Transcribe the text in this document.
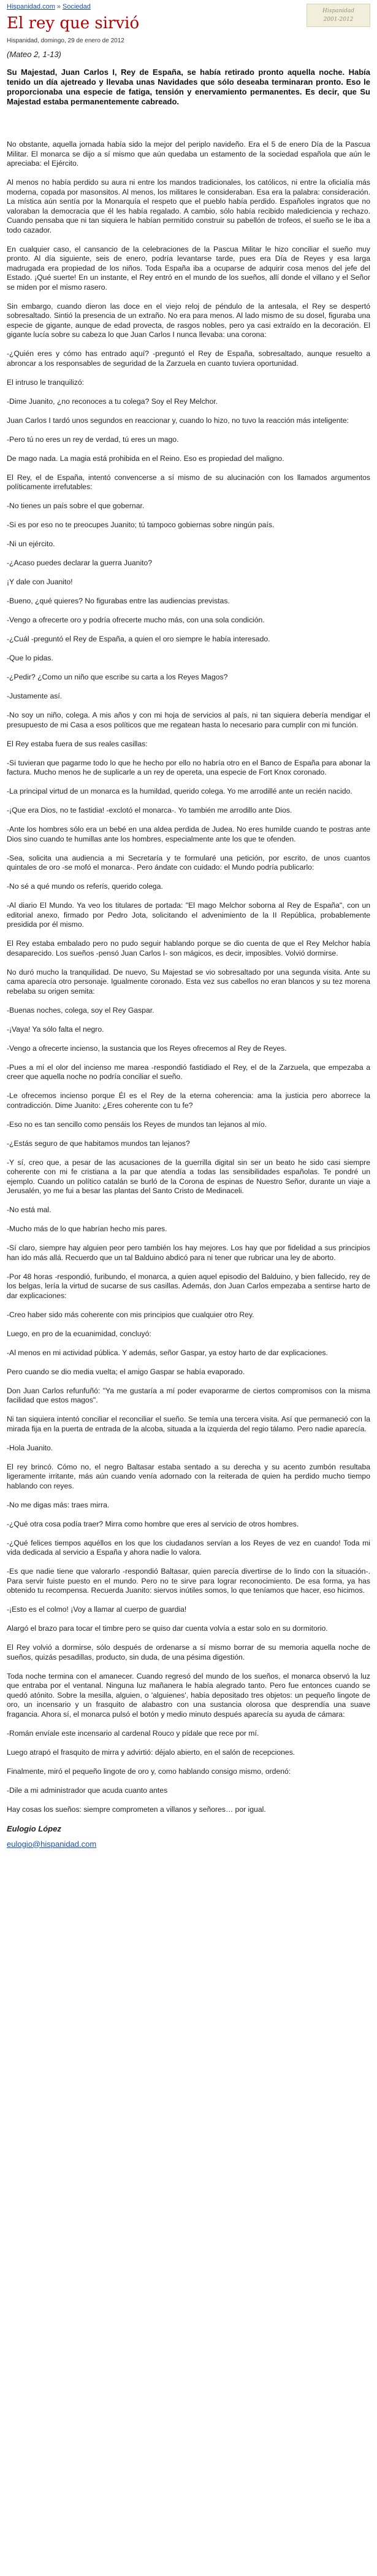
Hispanidad.com » Sociedad
Hispanidad
2001-2012
El rey que sirvió
Hispanidad, domingo, 29 de enero de 2012
(Mateo 2, 1-13)

Su Majestad, Juan Carlos I, Rey de España, se había retirado pronto aquella noche. Había tenido un día ajetreado y llevaba unas Navidades que sólo deseaba terminaran pronto. Eso le proporcionaba una especie de fatiga, tensión y enervamiento permanentes. Es decir, que Su Majestad estaba permanentemente cabreado.

No obstante, aquella jornada había sido la mejor del periplo navideño. Era el 5 de enero Día de la Pascua Militar. El monarca se dijo a sí mismo que aún quedaba un estamento de la sociedad española que aún le apreciaba: el Ejército.

Al menos no había perdido su aura ni entre los mandos tradicionales, los católicos, ni entre la oficialía más moderna, copada por masonsitos. Al menos, los militares le consideraban. Esa era la palabra: consideración. La mística aún sentía por la Monarquía el respeto que el pueblo había perdido. Españoles ingratos que no valoraban la democracia que él les había regalado. A cambio, sólo había recibido malediciencia y rechazo. Cuando pensaba que ni tan siquiera le habían permitido construir su pabellón de trofeos, el sueño se le iba a todo cazador.

En cualquier caso, el cansancio de la celebraciones de la Pascua Militar le hizo conciliar el sueño muy pronto. Al día siguiente, seis de enero, podría levantarse tarde, pues era Día de Reyes y esa larga madrugada era propiedad de los niños. Toda España iba a ocuparse de adquirir cosa menos del jefe del Estado. ¡Qué suerte! En un instante, el Rey entró en el mundo de los sueños, allí donde el villano y el Señor se miden por el mismo rasero.

Sin embargo, cuando dieron las doce en el viejo reloj de péndulo de la antesala, el Rey se despertó sobresaltado. Sintió la presencia de un extraño. No era para menos. Al lado mismo de su dosel, figuraba una especie de gigante, aunque de edad provecta, de rasgos nobles, pero ya casi extraído en la decoración. El gigante lucía sobre su cabeza lo que Juan Carlos I nunca llevaba: una corona:

-¿Quién eres y cómo has entrado aquí? -preguntó el Rey de España, sobresaltado, aunque resuelto a abroncar a los responsables de seguridad de la Zarzuela en cuanto tuviera oportunidad.

El intruso le tranquilizó:

-Dime Juanito, ¿no reconoces a tu colega? Soy el Rey Melchor.

Juan Carlos I tardó unos segundos en reaccionar y, cuando lo hizo, no tuvo la reacción más inteligente:

-Pero tú no eres un rey de verdad, tú eres un mago.

De mago nada. La magia está prohibida en el Reino. Eso es propiedad del maligno.

El Rey, el de España, intentó convencerse a sí mismo de su alucinación con los llamados argumentos políticamente irrefutables:

-No tienes un país sobre el que gobernar.

-Si es por eso no te preocupes Juanito; tú tampoco gobiernas sobre ningún país.

-Ni un ejército.

-¿Acaso puedes declarar la guerra Juanito?

¡Y dale con Juanito!

-Bueno, ¿qué quieres? No figurabas entre las audiencias previstas.

-Vengo a ofrecerte oro y podría ofrecerte mucho más, con una sola condición.

-¿Cuál -preguntó el Rey de España, a quien el oro siempre le había interesado.

-Que lo pidas.

-¿Pedir? ¿Como un niño que escribe su carta a los Reyes Magos?

-Justamente así.

-No soy un niño, colega. A mis años y con mi hoja de servicios al país, ni tan siquiera debería mendigar el presupuesto de mi Casa a esos políticos que me regatean hasta lo necesario para cumplir con mi función.

El Rey estaba fuera de sus reales casillas:

-Si tuvieran que pagarme todo lo que he hecho por ello no habría otro en el Banco de España para abonar la factura. Mucho menos he de suplicarle a un rey de opereta, una especie de Fort Knox coronado.

-La principal virtud de un monarca es la humildad, querido colega. Yo me arrodillé ante un recién nacido.

-¡Que era Dios, no te fastidia! -exclotó el monarca-. Yo también me arrodillo ante Dios.

-Ante los hombres sólo era un bebé en una aldea perdida de Judea. No eres humilde cuando te postras ante Dios sino cuando te humillas ante los hombres, especialmente ante los que te ofenden.

-Sea, solicita una audiencia a mi Secretaría y te formularé una petición, por escrito, de unos cuantos quintales de oro -se mofó el monarca-. Pero ándate con cuidado: el Mundo podría publicarlo:

-No sé a qué mundo os referís, querido colega.

-Al diario El Mundo. Ya veo los titulares de portada: "El mago Melchor soborna al Rey de España", con un editorial anexo, firmado por Pedro Jota, solicitando el advenimiento de la II República, probablemente presidida por él mismo.

El Rey estaba embalado pero no pudo seguir hablando porque se dio cuenta de que el Rey Melchor había desaparecido. Los sueños -pensó Juan Carlos I- son mágicos, es decir, imposibles. Volvió dormirse.

No duró mucho la tranquilidad. De nuevo, Su Majestad se vio sobresaltado por una segunda visita. Ante su cama aparecía otro personaje. Igualmente coronado. Esta vez sus cabellos no eran blancos y su tez morena rebelaba su origen semita:

-Buenas noches, colega, soy el Rey Gaspar.

-¡Vaya! Ya sólo falta el negro.

-Vengo a ofrecerte incienso, la sustancia que los Reyes ofrecemos al Rey de Reyes.

-Pues a mí el olor del incienso me marea -respondió fastidiado el Rey, el de la Zarzuela, que empezaba a creer que aquella noche no podría conciliar el sueño.

-Le ofrecemos incienso porque Él es el Rey de la eterna coherencia: ama la justicia pero aborrece la contradicción. Dime Juanito: ¿Eres coherente con tu fe?

-Eso no es tan sencillo como pensáis los Reyes de mundos tan lejanos al mío.

-¿Estás seguro de que habitamos mundos tan lejanos?

-Y sí, creo que, a pesar de las acusaciones de la guerrilla digital sin ser un beato he sido casi siempre coherente con mi fe cristiana a la par que atendía a todas las sensibilidades españolas. Te pondré un ejemplo. Cuando un político catalán se burló de la Corona de espinas de Nuestro Señor, durante un viaje a Jerusalén, yo me fui a besar las plantas del Santo Cristo de Medinaceli.

-No está mal.

-Mucho más de lo que habrían hecho mis pares.

-Sí claro, siempre hay alguien peor pero también los hay mejores. Los hay que por fidelidad a sus principios han ido más allá. Recuerdo que un tal Balduino abdicó para ni tener que rubricar una ley de aborto.

-Por 48 horas -respondió, furibundo, el monarca, a quien aquel episodio del Balduino, y bien fallecido, rey de los belgas, lería la virtud de sucarse de sus casillas. Además, don Juan Carlos empezaba a sentirse harto de dar explicaciones:

-Creo haber sido más coherente con mis principios que cualquier otro Rey.

Luego, en pro de la ecuanimidad, concluyó:

-Al menos en mi actividad pública. Y además, señor Gaspar, ya estoy harto de dar explicaciones.

Pero cuando se dio media vuelta; el amigo Gaspar se había evaporado.

Don Juan Carlos refunfuñó: "Ya me gustaría a mí poder evaporarme de ciertos compromisos con la misma facilidad que estos magos".

Ni tan siquiera intentó conciliar el reconciliar el sueño. Se temía una tercera visita. Así que permaneció con la mirada fija en la puerta de entrada de la alcoba, situada a la izquierda del regio tálamo. Pero nadie aparecía.

-Hola Juanito.

El rey brincó. Cómo no, el negro Baltasar estaba sentado a su derecha y su acento zumbón resultaba ligeramente irritante, más aún cuando venía adornado con la reiterada de quien ha perdido mucho tiempo hablando con reyes.

-No me digas más: traes mirra.

-¿Qué otra cosa podía traer? Mirra como hombre que eres al servicio de otros hombres.

-¿Qué felices tiempos aquéllos en los que los ciudadanos servían a los Reyes de vez en cuando! Toda mi vida dedicada al servicio a España y ahora nadie lo valora.

-Es que nadie tiene que valorarlo -respondió Baltasar, quien parecía divertirse de lo lindo con la situación-. Para servir fuiste puesto en el mundo. Pero no te sirve para lograr reconocimiento. De esa forma, ya has obtenido tu recompensa. Recuerda Juanito: siervos inútiles somos, lo que teníamos que hacer, eso hicimos.

-¡Esto es el colmo! ¡Voy a llamar al cuerpo de guardia!

Alargó el brazo para tocar el timbre pero se quiso dar cuenta volvía a estar solo en su dormitorio.

El Rey volvió a dormirse, sólo después de ordenarse a sí mismo borrar de su memoria aquella noche de sueños, quizás pesadillas, producto, sin duda, de una pésima digestión.

Toda noche termina con el amanecer. Cuando regresó del mundo de los sueños, el monarca observó la luz que entraba por el ventanal. Ninguna luz mañanera le había alegrado tanto. Pero fue entonces cuando se quedó atónito. Sobre la mesilla, alguien, o 'alguienes', había depositado tres objetos: un pequeño lingote de oro, un incensario y un frasquito de alabastro con una sustancia olorosa que desprendía una suave fragancia. Ahora sí, el monarca pulsó el botón y medio minuto después aparecía su ayuda de cámara:

-Román envíale este incensario al cardenal Rouco y pídale que rece por mí.

Luego atrapó el frasquito de mirra y advirtió: déjalo abierto, en el salón de recepciones.

Finalmente, miró el pequeño lingote de oro y, como hablando consigo mismo, ordenó:

-Dile a mi administrador que acuda cuanto antes

Hay cosas los sueños: siempre comprometen a villanos y señores… por igual.

Eulogio López
eulogio@hispanidad.com
